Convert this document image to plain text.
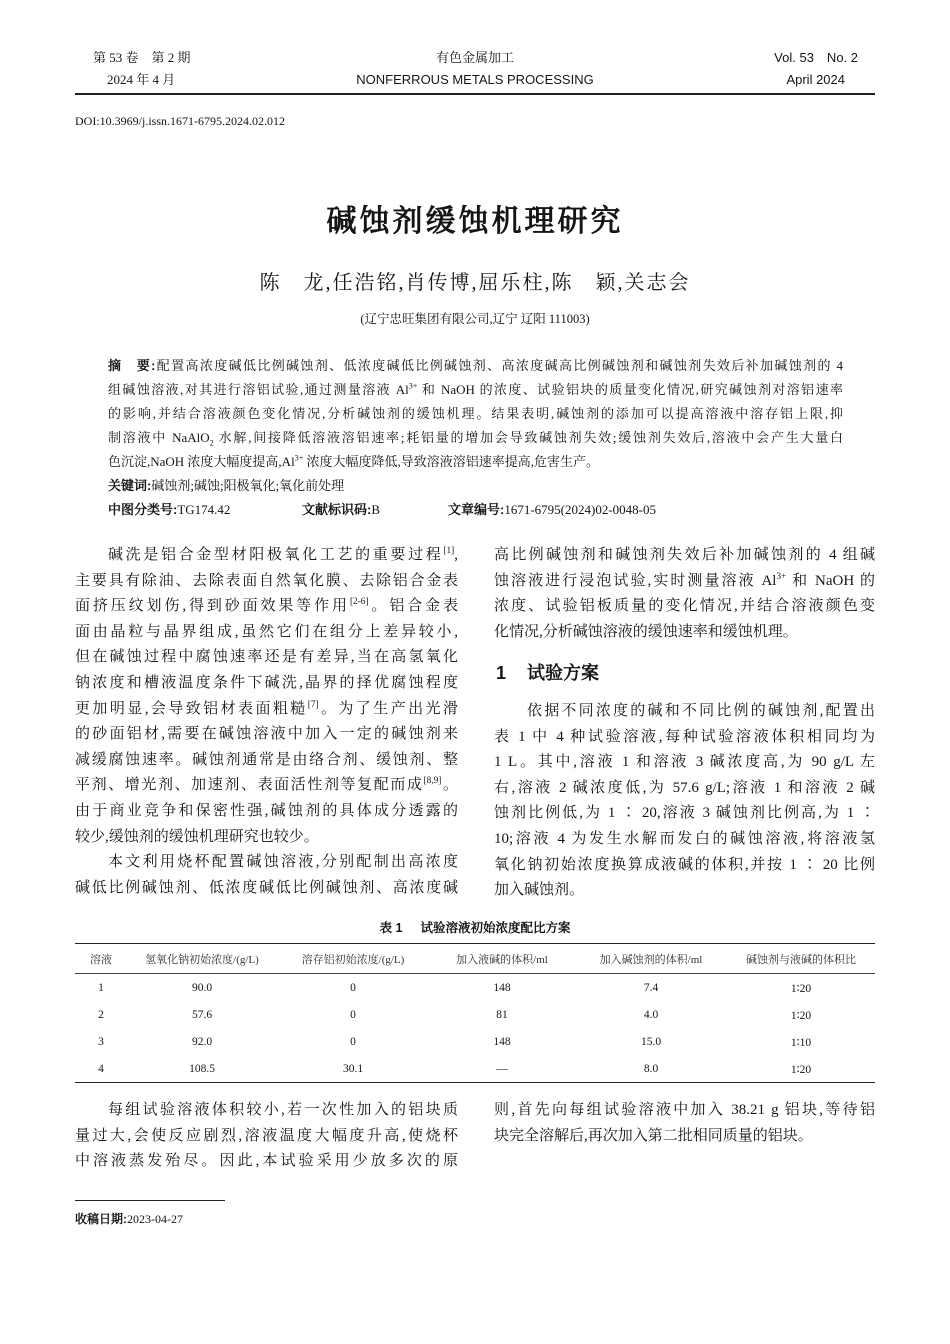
第 53 卷　第 2 期
2024 年 4 月
有色金属加工
NONFERROUS METALS PROCESSING
Vol. 53　No. 2
April 2024
DOI:10.3969/j.issn.1671-6795.2024.02.012
碱蚀剂缓蚀机理研究
陈　龙,任浩铭,肖传博,屈乐柱,陈　颖,关志会
(辽宁忠旺集团有限公司,辽宁 辽阳 111003)
摘　要:配置高浓度碱低比例碱蚀剂、低浓度碱低比例碱蚀剂、高浓度碱高比例碱蚀剂和碱蚀剂失效后补加碱蚀剂的 4
组碱蚀溶液,对其进行溶铝试验,通过测量溶液 $Al^{3+}$ 和 NaOH 的浓度、试验铝块的质量变化情况,研究碱蚀剂对溶铝速率
的影响,并结合溶液颜色变化情况,分析碱蚀剂的缓蚀机理。结果表明,碱蚀剂的添加可以提高溶液中溶存铝上限,抑
制溶液中 NaAlO$_2$ 水解,间接降低溶液溶铝速率;耗铝量的增加会导致碱蚀剂失效;缓蚀剂失效后,溶液中会产生大量白
色沉淀,NaOH 浓度大幅度提高$,Al^{3+}$ 浓度大幅度降低,导致溶液溶铝速率提高,危害生产。
关键词:碱蚀剂;碱蚀;阳极氧化;氧化前处理
中图分类号:TG174.42	文献标识码:B	文章编号:1671-6795(2024)02-0048-05
碱洗是铝合金型材阳极氧化工艺的重要过程[1],
主要具有除油、去除表面自然氧化膜、去除铝合金表
面挤压纹划伤,得到砂面效果等作用[2-6]。铝合金表
面由晶粒与晶界组成,虽然它们在组分上差异较小,
但在碱蚀过程中腐蚀速率还是有差异,当在高氢氧化
钠浓度和槽液温度条件下碱洗,晶界的择优腐蚀程度
更加明显,会导致铝材表面粗糙[7]。为了生产出光滑
的砂面铝材,需要在碱蚀溶液中加入一定的碱蚀剂来
减缓腐蚀速率。碱蚀剂通常是由络合剂、缓蚀剂、整
平剂、增光剂、加速剂、表面活性剂等复配而成[8,9]。
由于商业竞争和保密性强,碱蚀剂的具体成分透露的
较少,缓蚀剂的缓蚀机理研究也较少。
本文利用烧杯配置碱蚀溶液,分别配制出高浓度
碱低比例碱蚀剂、低浓度碱低比例碱蚀剂、高浓度碱
高比例碱蚀剂和碱蚀剂失效后补加碱蚀剂的 4 组碱
蚀溶液进行浸泡试验,实时测量溶液 $Al^{3+}$ 和 NaOH 的
浓度、试验铝板质量的变化情况,并结合溶液颜色变
化情况,分析碱蚀溶液的缓蚀速率和缓蚀机理。
1 试验方案
依据不同浓度的碱和不同比例的碱蚀剂,配置出
表 1 中 4 种试验溶液,每种试验溶液体积相同均为
1 L。其中,溶液 1 和溶液 3 碱浓度高,为 90 g/L 左
右,溶液 2 碱浓度低,为 57.6 g/L;溶液 1 和溶液 2 碱
蚀剂比例低,为 1 ∶ 20,溶液 3 碱蚀剂比例高,为 1 ∶
10;溶液 4 为发生水解而发白的碱蚀溶液,将溶液氢
氧化钠初始浓度换算成液碱的体积,并按 1 ∶ 20 比例
加入碱蚀剂。
表 1 试验溶液初始浓度配比方案
溶液	氢氧化钠初始浓度/(g/L)	溶存铝初始浓度/(g/L)	加入液碱的体积/ml	加入碱蚀剂的体积/ml	碱蚀剂与液碱的体积比
1	90.0	0	148	7.4	1∶20
2	57.6	0	81	4.0	1∶20
3	92.0	0	148	15.0	1∶10
4	108.5	30.1	—	8.0	1∶20
每组试验溶液体积较小,若一次性加入的铝块质
量过大,会使反应剧烈,溶液温度大幅度升高,使烧杯
中溶液蒸发殆尽。因此,本试验采用少放多次的原
则,首先向每组试验溶液中加入 38.21 g 铝块,等待铝
块完全溶解后,再次加入第二批相同质量的铝块。
收稿日期:2023-04-27
